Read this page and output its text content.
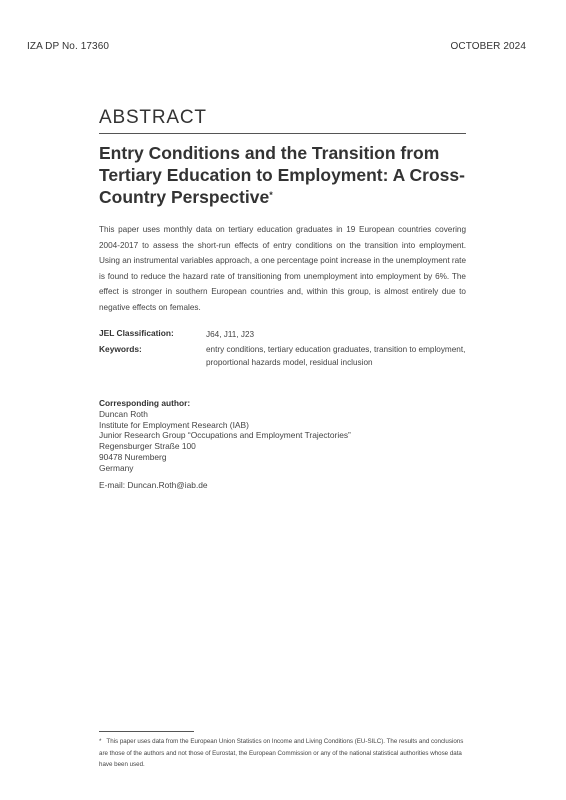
IZA DP No. 17360	OCTOBER 2024
ABSTRACT
Entry Conditions and the Transition from Tertiary Education to Employment: A Cross-Country Perspective*

This paper uses monthly data on tertiary education graduates in 19 European countries covering 2004-2017 to assess the short-run effects of entry conditions on the transition into employment. Using an instrumental variables approach, a one percentage point increase in the unemployment rate is found to reduce the hazard rate of transitioning from unemployment into employment by 6%. The effect is stronger in southern European countries and, within this group, is almost entirely due to negative effects on females.

JEL Classification:	J64, J11, J23
Keywords:	entry conditions, tertiary education graduates, transition to employment, proportional hazards model, residual inclusion
Corresponding author:
Duncan Roth
Institute for Employment Research (IAB)
Junior Research Group “Occupations and Employment Trajectories”
Regensburger Straße 100
90478 Nuremberg
Germany
E-mail: Duncan.Roth@iab.de

* This paper uses data from the European Union Statistics on Income and Living Conditions (EU-SILC). The results and conclusions are those of the authors and not those of Eurostat, the European Commission or any of the national statistical authorities whose data have been used.
